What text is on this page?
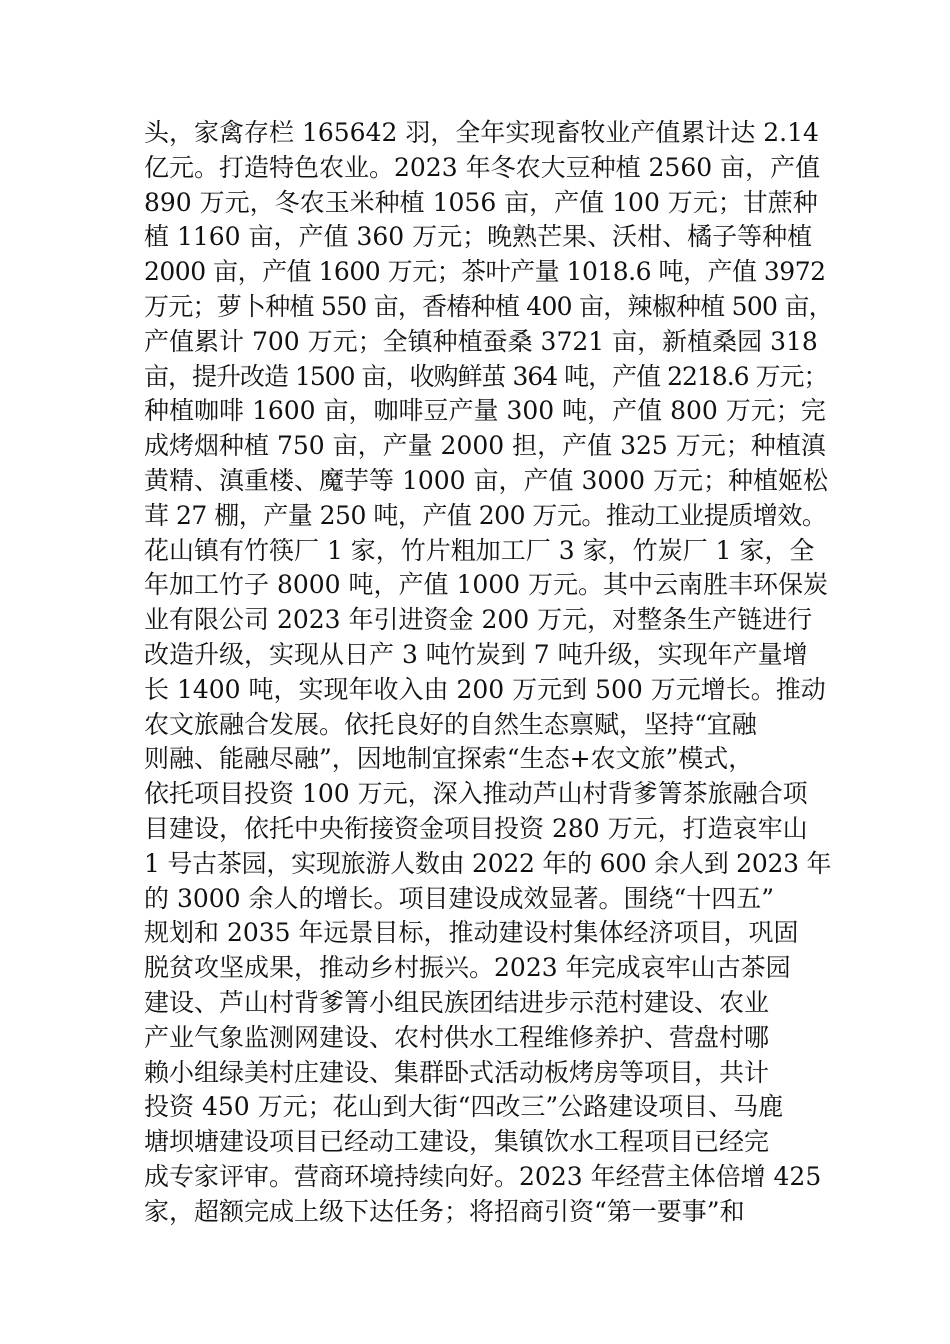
头，家禽存栏 165642 羽，全年实现畜牧业产值累计达 2.14
亿元。打造特色农业。2023 年冬农大豆种植 2560 亩，产值
890 万元，冬农玉米种植 1056 亩，产值 100 万元；甘蔗种
植 1160 亩，产值 360 万元；晚熟芒果、沃柑、橘子等种植
2000 亩，产值 1600 万元；茶叶产量 1018.6 吨，产值 3972
万元；萝卜种植 550 亩，香椿种植 400 亩，辣椒种植 500 亩，
产值累计 700 万元；全镇种植蚕桑 3721 亩，新植桑园 318
亩，提升改造 1500 亩，收购鲜茧 364 吨，产值 2218.6 万元；
种植咖啡 1600 亩，咖啡豆产量 300 吨，产值 800 万元；完
成烤烟种植 750 亩，产量 2000 担，产值 325 万元；种植滇
黄精、滇重楼、魔芋等 1000 亩，产值 3000 万元；种植姬松
茸 27 棚，产量 250 吨，产值 200 万元。推动工业提质增效。
花山镇有竹筷厂 1 家，竹片粗加工厂 3 家，竹炭厂 1 家，全
年加工竹子 8000 吨，产值 1000 万元。其中云南胜丰环保炭
业有限公司 2023 年引进资金 200 万元，对整条生产链进行
改造升级，实现从日产 3 吨竹炭到 7 吨升级，实现年产量增
长 1400 吨，实现年收入由 200 万元到 500 万元增长。推动
农文旅融合发展。依托良好的自然生态禀赋，坚持“宜融
则融、能融尽融”，因地制宜探索“生态+农文旅”模式，
依托项目投资 100 万元，深入推动芦山村背爹箐茶旅融合项
目建设，依托中央衔接资金项目投资 280 万元，打造哀牢山
1 号古茶园，实现旅游人数由 2022 年的 600 余人到 2023 年
的 3000 余人的增长。项目建设成效显著。围绕“十四五”
规划和 2035 年远景目标，推动建设村集体经济项目，巩固
脱贫攻坚成果，推动乡村振兴。2023 年完成哀牢山古茶园
建设、芦山村背爹箐小组民族团结进步示范村建设、农业
产业气象监测网建设、农村供水工程维修养护、营盘村哪
赖小组绿美村庄建设、集群卧式活动板烤房等项目，共计
投资 450 万元；花山到大街“四改三”公路建设项目、马鹿
塘坝塘建设项目已经动工建设，集镇饮水工程项目已经完
成专家评审。营商环境持续向好。2023 年经营主体倍增 425
家，超额完成上级下达任务；将招商引资“第一要事”和
